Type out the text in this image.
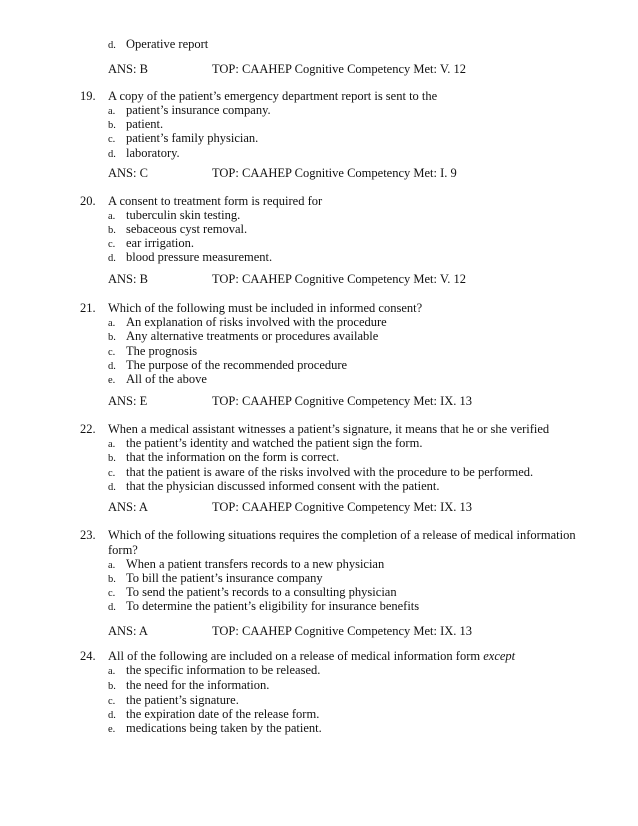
d. Operative report
ANS: B	TOP: CAAHEP Cognitive Competency Met: V. 12
19. A copy of the patient’s emergency department report is sent to the
a. patient’s insurance company.
b. patient.
c. patient’s family physician.
d. laboratory.
ANS: C	TOP: CAAHEP Cognitive Competency Met: I. 9
20. A consent to treatment form is required for
a. tuberculin skin testing.
b. sebaceous cyst removal.
c. ear irrigation.
d. blood pressure measurement.
ANS: B	TOP: CAAHEP Cognitive Competency Met: V. 12
21. Which of the following must be included in informed consent?
a. An explanation of risks involved with the procedure
b. Any alternative treatments or procedures available
c. The prognosis
d. The purpose of the recommended procedure
e. All of the above
ANS: E	TOP: CAAHEP Cognitive Competency Met: IX. 13
22. When a medical assistant witnesses a patient’s signature, it means that he or she verified
a. the patient’s identity and watched the patient sign the form.
b. that the information on the form is correct.
c. that the patient is aware of the risks involved with the procedure to be performed.
d. that the physician discussed informed consent with the patient.
ANS: A	TOP: CAAHEP Cognitive Competency Met: IX. 13
23. Which of the following situations requires the completion of a release of medical information form?
a. When a patient transfers records to a new physician
b. To bill the patient’s insurance company
c. To send the patient’s records to a consulting physician
d. To determine the patient’s eligibility for insurance benefits
ANS: A	TOP: CAAHEP Cognitive Competency Met: IX. 13
24. All of the following are included on a release of medical information form except
a. the specific information to be released.
b. the need for the information.
c. the patient’s signature.
d. the expiration date of the release form.
e. medications being taken by the patient.
